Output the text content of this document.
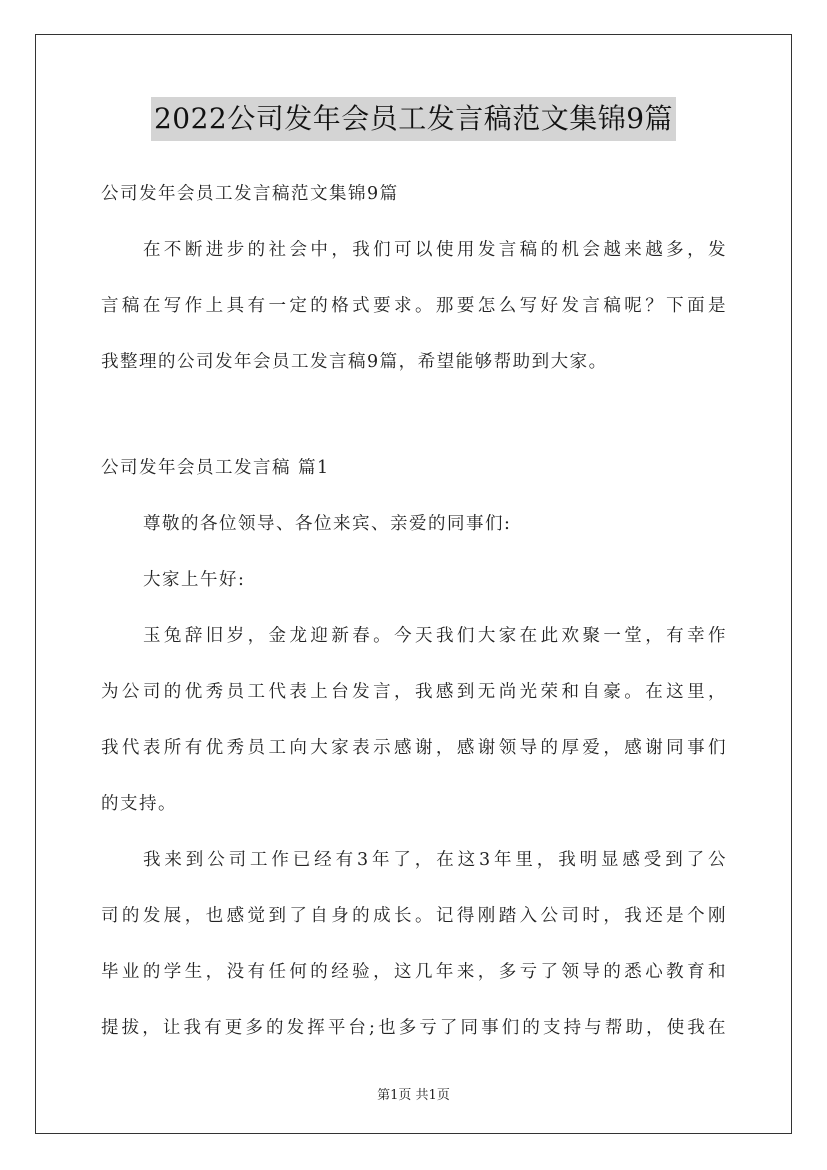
2022公司发年会员工发言稿范文集锦9篇
公司发年会员工发言稿范文集锦9篇
在不断进步的社会中，我们可以使用发言稿的机会越来越多，发
言稿在写作上具有一定的格式要求。那要怎么写好发言稿呢？下面是
我整理的公司发年会员工发言稿9篇，希望能够帮助到大家。
公司发年会员工发言稿 篇1
尊敬的各位领导、各位来宾、亲爱的同事们:
大家上午好:
玉兔辞旧岁，金龙迎新春。今天我们大家在此欢聚一堂，有幸作
为公司的优秀员工代表上台发言，我感到无尚光荣和自豪。在这里，
我代表所有优秀员工向大家表示感谢，感谢领导的厚爱，感谢同事们
的支持。
我来到公司工作已经有3年了，在这3年里，我明显感受到了公
司的发展，也感觉到了自身的成长。记得刚踏入公司时，我还是个刚
毕业的学生，没有任何的经验，这几年来，多亏了领导的悉心教育和
提拔，让我有更多的发挥平台;也多亏了同事们的支持与帮助，使我在
第1页 共1页
